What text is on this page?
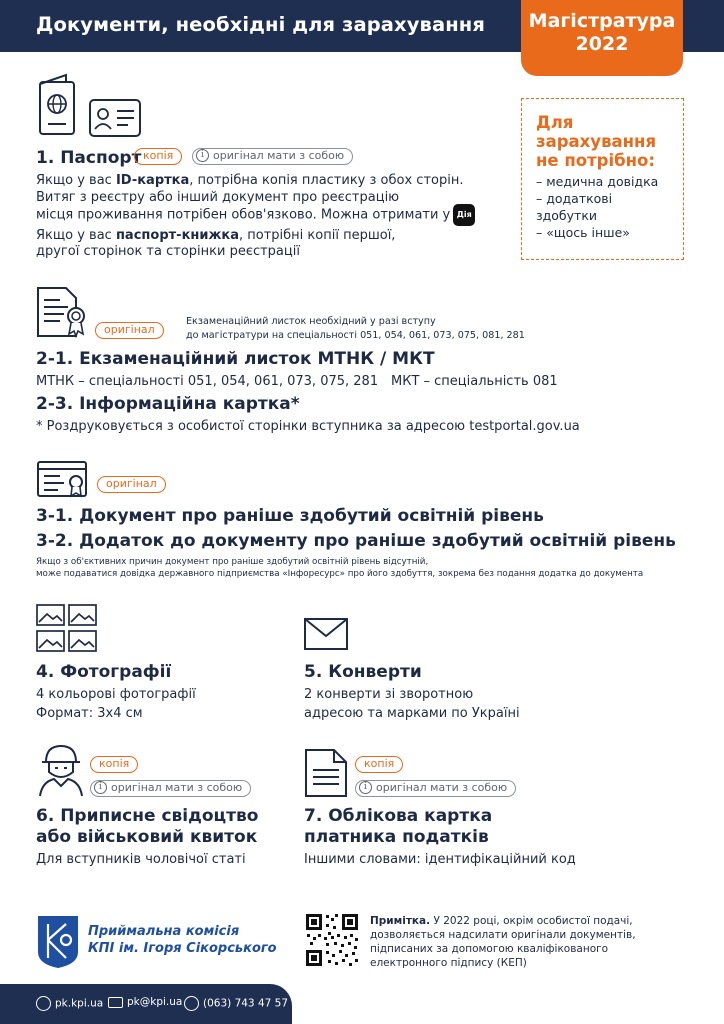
Документи, необхідні для зарахування	Магістратура
2022
Для
зарахування
не потрібно:
– медична довідка
– додаткові
здобутки
– «щось інше»
1. Паспорт копія	i оригінал мати з собою
Якщо у вас ID-картка, потрібна копія пластику з обох сторін.
Витяг з реєстру або інший документ про реєстрацію
місця проживання потрібен обов'язково. Можна отримати у Дія
Якщо у вас паспорт-книжка, потрібні копії першої,
другої сторінок та сторінки реєстрації
оригінал
Екзаменаційний листок необхідний у разі вступу
до магістратури на спеціальності 051, 054, 061, 073, 075, 081, 281
2-1. Екзаменаційний листок МТНК / МКТ
МТНК – спеціальності 051, 054, 061, 073, 075, 281 МКТ – спеціальність 081
2-3. Інформаційна картка*
* Роздруковується з особистої сторінки вступника за адресою testportal.gov.ua
оригінал
3-1. Документ про раніше здобутий освітній рівень
3-2. Додаток до документу про раніше здобутий освітній рівень
Якщо з об'єктивних причин документ про раніше здобутий освітній рівень відсутній,
може подаватися довідка державного підприємства «Інфоресурс» про його здобуття, зокрема без подання додатка до документа
4. Фотографії
4 кольорові фотографії
Формат: 3х4 см
5. Конверти
2 конверти зі зворотною
адресою та марками по Україні
копія
i оригінал мати з собою
6. Приписне свідоцтво
або військовий квиток
Для вступників чоловічої статі
копія
i оригінал мати з собою
7. Облікова картка
платника податків
Іншими словами: ідентифікаційний код
Приймальна комісія
КПІ ім. Ігоря Сікорського
Примітка. У 2022 році, окрім особистої подачі, дозволяється надсилати оригінали документів, підписаних за допомогою кваліфікованого електронного підпису (КЕП)
pk.kpi.ua	pk@kpi.ua	(063) 743 47 57
